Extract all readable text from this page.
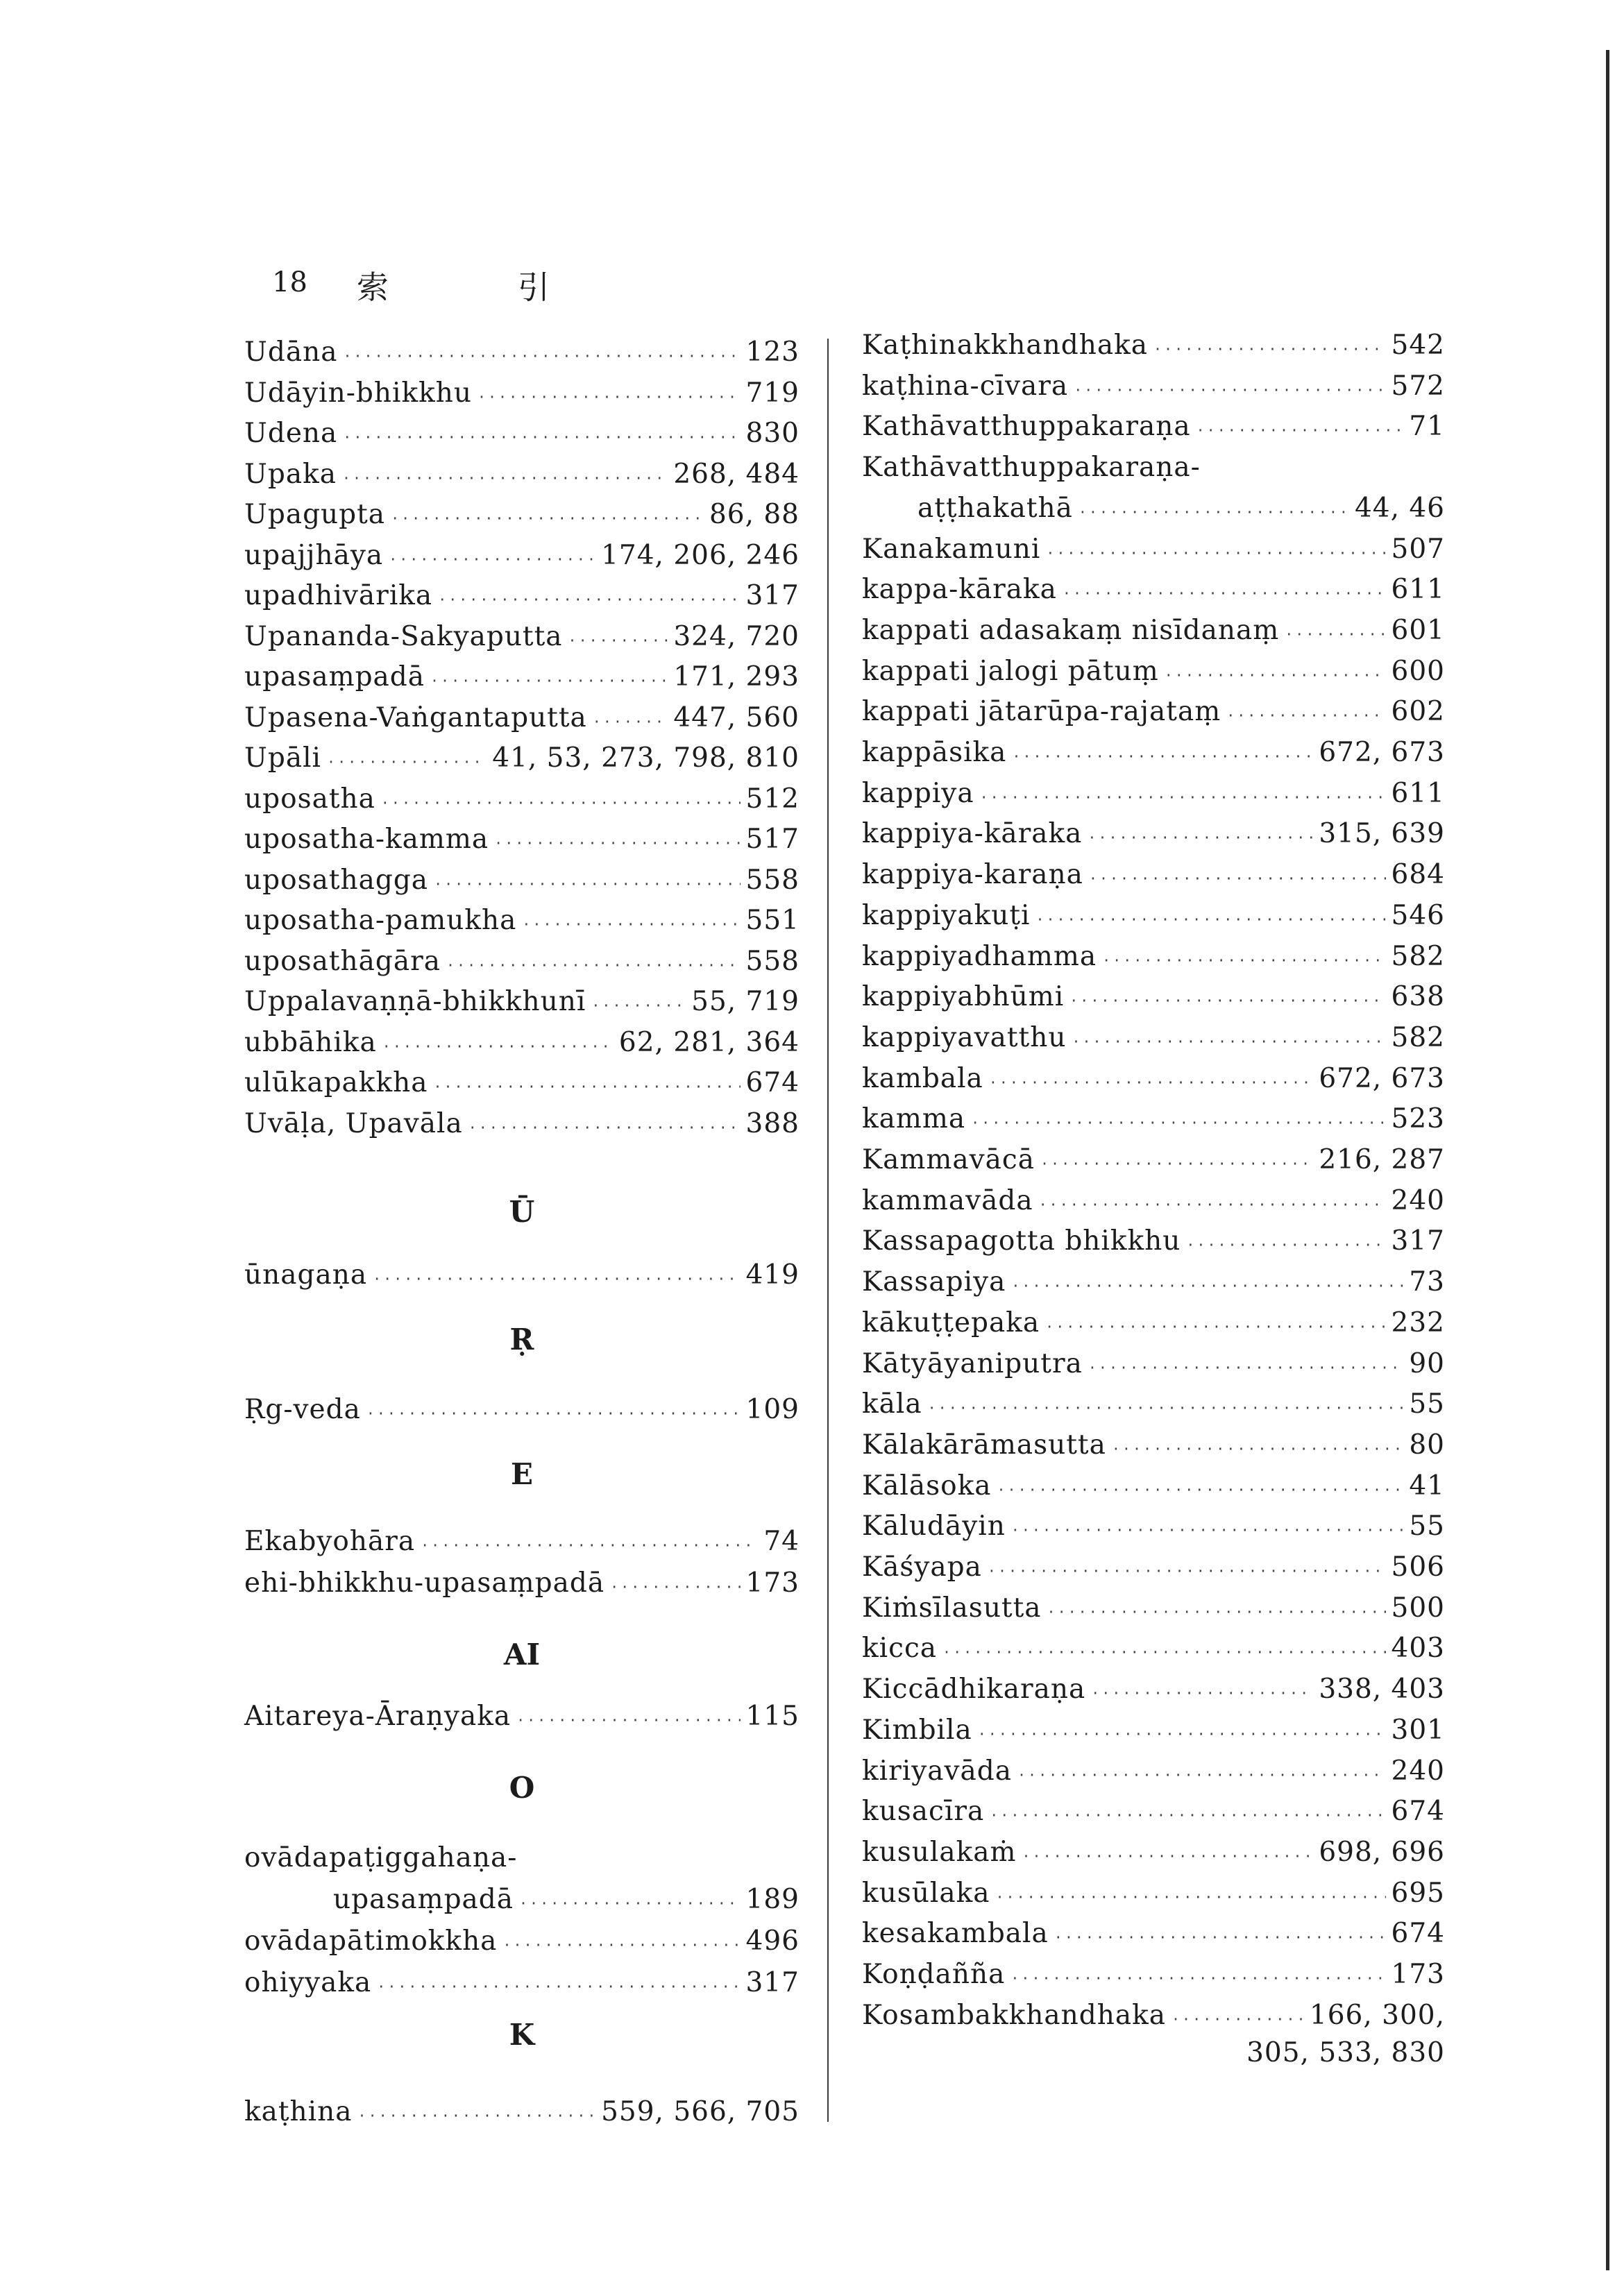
18 索	引
Udāna ·····	123
Udāyin-bhikkhu ·····	719
Udena ·····	830
Upaka ·····	268, 484
Upagupta ·····	86, 88
upajjhāya ·····	174, 206, 246
upadhivārika ·····	317
Upananda-Sakyaputta ·····	324, 720
upasaṃpadā ·····	171, 293
Upasena-Vaṅgantaputta ·····	447, 560
Upāli ·····	41, 53, 273, 798, 810
uposatha ·····	512
uposatha-kamma ·····	517
uposathagga ·····	558
uposatha-pamukha ·····	551
uposathāgāra ·····	558
Uppalavaṇṇā-bhikkhunī ·····	55, 719
ubbāhika ·····	62, 281, 364
ulūkapakkha ·····	674
Uvāḷa, Upavāla ·····	388
Ū
ūnagaṇa ·····	419
Ṛ
Ṛg-veda ·····	109
E
Ekabyohāra ·····	74
ehi-bhikkhu-upasaṃpadā ·····	173
AI
Aitareya-Āraṇyaka ·····	115
O
ovādapaṭiggahaṇa-
upasaṃpadā ·····	189
ovādapātimokkha ·····	496
ohiyyaka ·····	317
K
kaṭhina ·····	559, 566, 705
Kaṭhinakkhandhaka ·····	542
kaṭhina-cīvara ·····	572
Kathāvatthuppakaraṇa ·····	71
Kathāvatthuppakaraṇa-
aṭṭhakathā ·····	44, 46
Kanakamuni ·····	507
kappa-kāraka ·····	611
kappati adasakaṃ nisīdanaṃ ·····	601
kappati jalogi pātuṃ ·····	600
kappati jātarūpa-rajataṃ ·····	602
kappāsika ·····	672, 673
kappiya ·····	611
kappiya-kāraka ·····	315, 639
kappiya-karaṇa ·····	684
kappiyakuṭi ·····	546
kappiyadhamma ·····	582
kappiyabhūmi ·····	638
kappiyavatthu ·····	582
kambala ·····	672, 673
kamma ·····	523
Kammavācā ·····	216, 287
kammavāda ·····	240
Kassapagotta bhikkhu ·····	317
Kassapiya ·····	73
kākuṭṭepaka ·····	232
Kātyāyaniputra ·····	90
kāla ·····	55
Kālakārāmasutta ·····	80
Kālāsoka ·····	41
Kāludāyin ·····	55
Kāśyapa ·····	506
Kiṁsīlasutta ·····	500
kicca ·····	403
Kiccādhikaraṇa ·····	338, 403
Kimbila ·····	301
kiriyavāda ·····	240
kusacīra ·····	674
kusulakaṁ ·····	698, 696
kusūlaka ·····	695
kesakambala ·····	674
Koṇḍañña ·····	173
Kosambakkhandhaka ·····	166, 300,
305, 533, 830
